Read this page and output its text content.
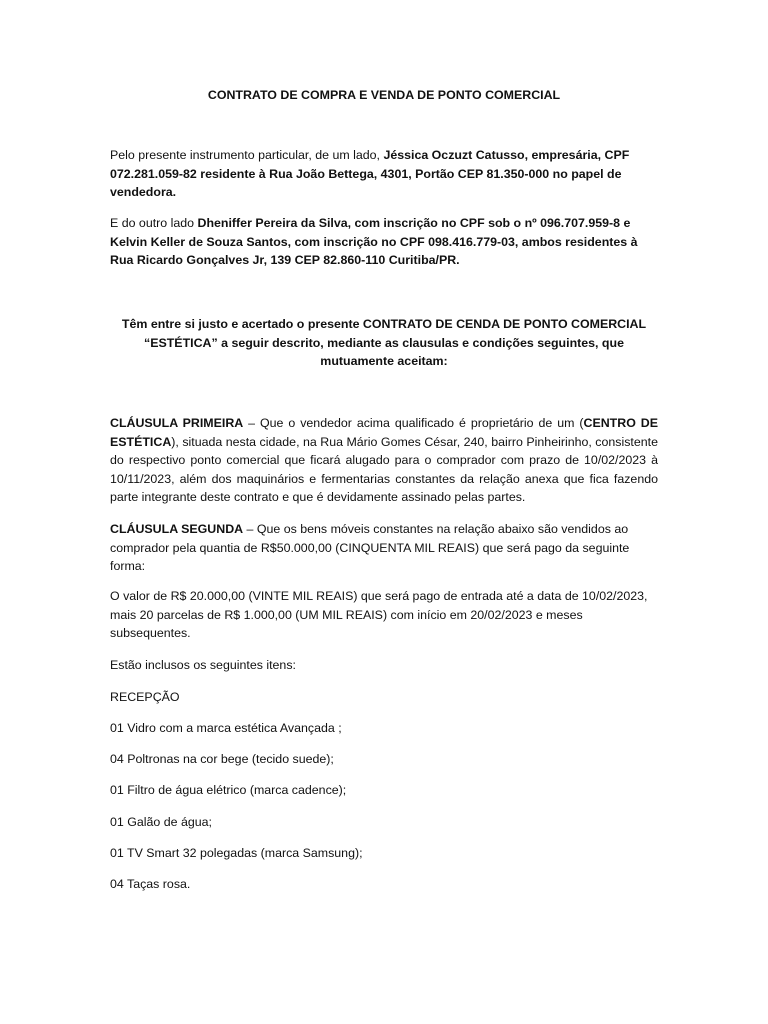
CONTRATO DE COMPRA E VENDA DE PONTO COMERCIAL

Pelo presente instrumento particular, de um lado, Jéssica Oczuzt Catusso, empresária, CPF 072.281.059-82 residente à Rua João Bettega, 4301, Portão CEP 81.350-000 no papel de vendedora.

E do outro lado Dheniffer Pereira da Silva, com inscrição no CPF sob o nº 096.707.959-8 e Kelvin Keller de Souza Santos, com inscrição no CPF 098.416.779-03, ambos residentes à Rua Ricardo Gonçalves Jr, 139 CEP 82.860-110 Curitiba/PR.

Têm entre si justo e acertado o presente CONTRATO DE CENDA DE PONTO COMERCIAL “ESTÉTICA” a seguir descrito, mediante as clausulas e condições seguintes, que mutuamente aceitam:

CLÁUSULA PRIMEIRA – Que o vendedor acima qualificado é proprietário de um (CENTRO DE ESTÉTICA), situada nesta cidade, na Rua Mário Gomes César, 240, bairro Pinheirinho, consistente do respectivo ponto comercial que ficará alugado para o comprador com prazo de 10/02/2023 à 10/11/2023, além dos maquinários e fermentarias constantes da relação anexa que fica fazendo parte integrante deste contrato e que é devidamente assinado pelas partes.

CLÁUSULA SEGUNDA – Que os bens móveis constantes na relação abaixo são vendidos ao comprador pela quantia de R$50.000,00 (CINQUENTA MIL REAIS) que será pago da seguinte forma:

O valor de R$ 20.000,00 (VINTE MIL REAIS) que será pago de entrada até a data de 10/02/2023, mais 20 parcelas de R$ 1.000,00 (UM MIL REAIS) com início em 20/02/2023 e meses subsequentes.

Estão inclusos os seguintes itens:

RECEPÇÃO

01 Vidro com a marca estética Avançada ;

04 Poltronas na cor bege (tecido suede);

01 Filtro de água elétrico (marca cadence);

01 Galão de água;

01 TV Smart 32 polegadas (marca Samsung);

04 Taças rosa.
